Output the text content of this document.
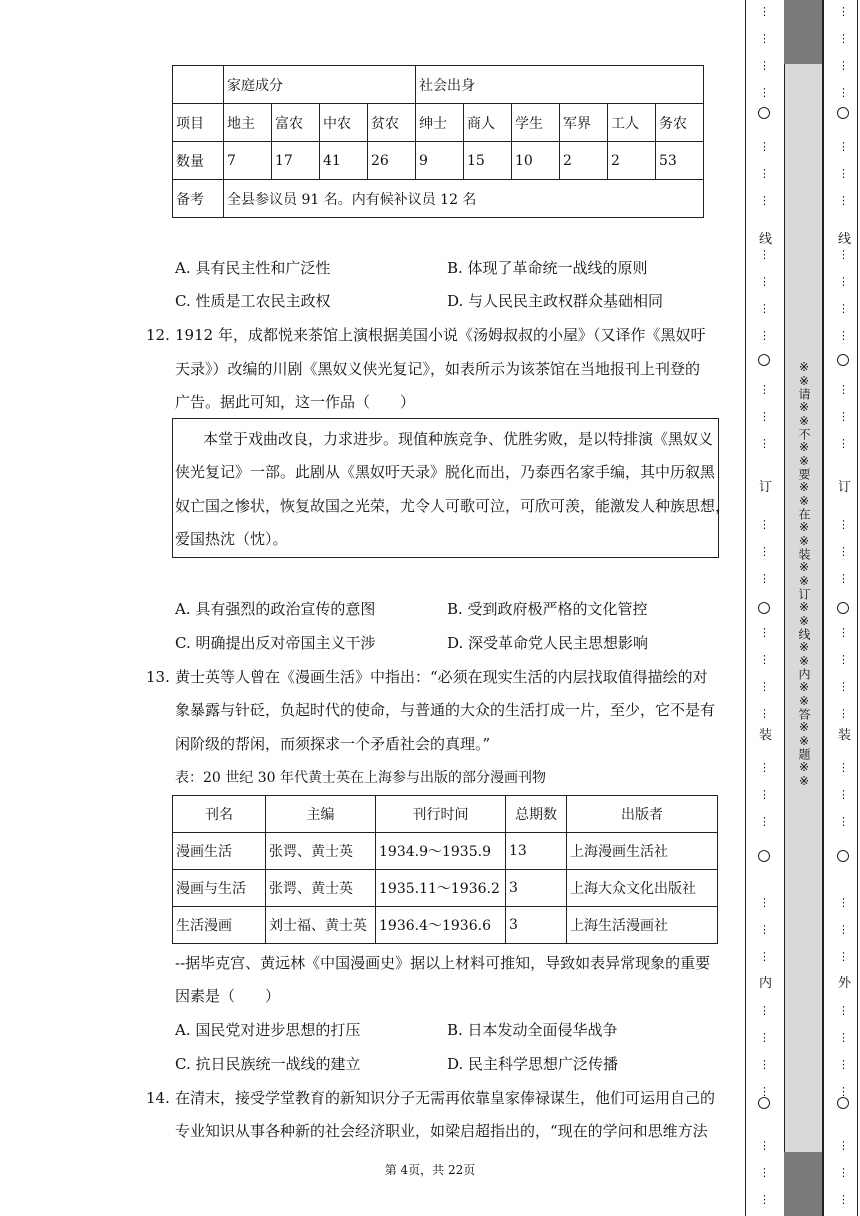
	家庭成分				社会出身					
项目	地主	富农	中农	贫农	绅士	商人	学生	军界	工人	务农
数量	7	17	41	26	9	15	10	2	2	53
备考	全县参议员 91 名。内有候补议员 12 名									
A. 具有民主性和广泛性	B. 体现了革命统一战线的原则
C. 性质是工农民主政权	D. 与人民民主政权群众基础相同
12. 1912 年，成都悦来茶馆上演根据美国小说《汤姆叔叔的小屋》（又译作《黑奴吁
天录》）改编的川剧《黑奴义侠光复记》，如表所示为该茶馆在当地报刊上刊登的
广告。据此可知，这一作品（　　）
本堂于戏曲改良，力求进步。现值种族竞争、优胜劣败，是以特排演《黑奴义
侠光复记》一部。此剧从《黑奴吁天录》脱化而出，乃泰西名家手编，其中历叙黑
奴亡国之惨状，恢复故国之光荣，尤令人可歌可泣，可欣可羡，能激发人种族思想，
爱国热沈（忱）。
A. 具有强烈的政治宣传的意图	B. 受到政府极严格的文化管控
C. 明确提出反对帝国主义干涉	D. 深受革命党人民主思想影响
13. 黄士英等人曾在《漫画生活》中指出：“必须在现实生活的内层找取值得描绘的对
象暴露与针砭，负起时代的使命，与普通的大众的生活打成一片，至少，它不是有
闲阶级的帮闲，而须探求一个矛盾社会的真理。”
表：20 世纪 30 年代黄士英在上海参与出版的部分漫画刊物
刊名	主编	刊行时间	总期数	出版者
漫画生活	张谔、黄士英	1934.9～1935.9	13	上海漫画生活社
漫画与生活	张谔、黄士英	1935.11～1936.2	3	上海大众文化出版社
生活漫画	刘士福、黄士英	1936.4～1936.6	3	上海生活漫画社
--据毕克宫、黄远林《中国漫画史》据以上材料可推知，导致如表异常现象的重要
因素是（　　）
A. 国民党对进步思想的打压	B. 日本发动全面侵华战争
C. 抗日民族统一战线的建立	D. 民主科学思想广泛传播
14. 在清末，接受学堂教育的新知识分子无需再依靠皇家俸禄谋生，他们可运用自己的
专业知识从事各种新的社会经济职业，如梁启超指出的，“现在的学问和思维方法
第 4页，共 22页
※※请※※不※※要※※在※※装※※订※※线※※内※※答※※题※※
线
订
装
内
线
订
装
外
⋮
⋮
⋮
⋮
⋮
⋮
⋮
⋮
⋮
⋮
⋮
⋮
⋮
⋮
⋮
⋮
⋮
⋮
⋮
⋮
⋮
⋮
⋮
⋮
⋮
⋮
⋮
⋮
⋮
⋮
⋮
⋮
⋮
⋮
⋮
⋮
⋮
⋮
⋮
⋮
⋮
⋮
⋮
⋮
⋮
⋮
⋮
⋮
⋮
⋮
⋮
⋮
⋮
⋮
⋮
⋮
⋮
⋮
⋮
⋮
⋮
⋮
⋮
⋮
⋮
⋮
⋮
⋮
